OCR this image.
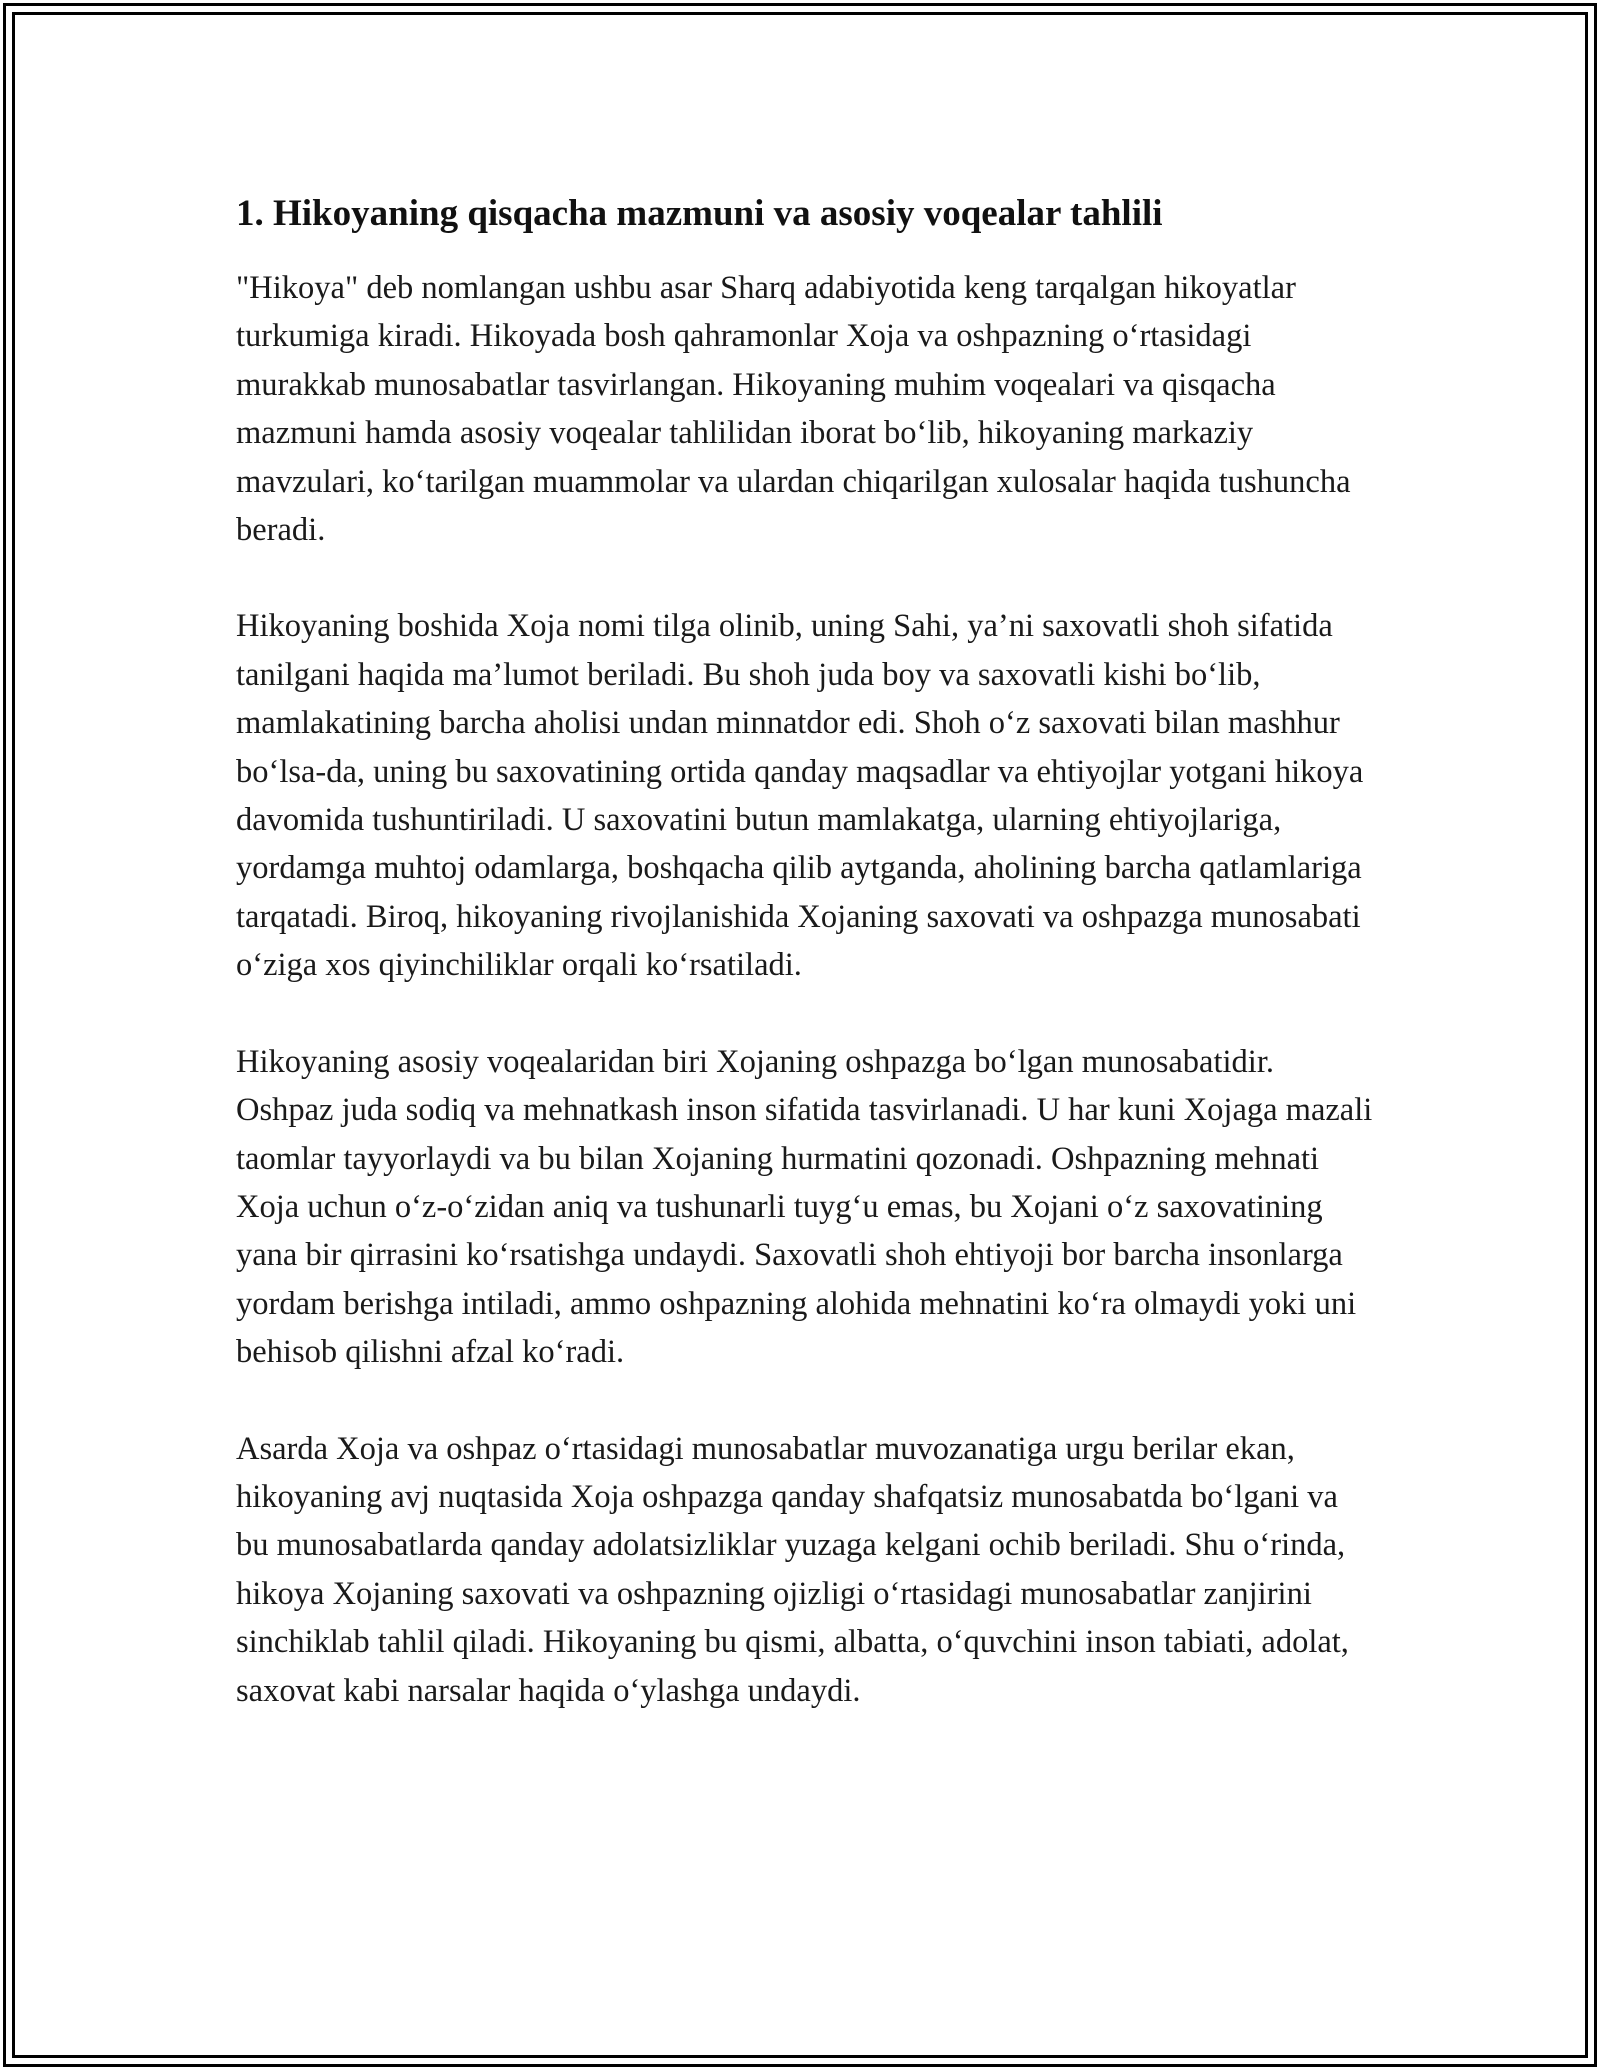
1. Hikoyaning qisqacha mazmuni va asosiy voqealar tahlili

"Hikoya" deb nomlangan ushbu asar Sharq adabiyotida keng tarqalgan hikoyatlar turkumiga kiradi. Hikoyada bosh qahramonlar Xoja va oshpazning o‘rtasidagi murakkab munosabatlar tasvirlangan. Hikoyaning muhim voqealari va qisqacha mazmuni hamda asosiy voqealar tahlilidan iborat bo‘lib, hikoyaning markaziy mavzulari, ko‘tarilgan muammolar va ulardan chiqarilgan xulosalar haqida tushuncha beradi.

Hikoyaning boshida Xoja nomi tilga olinib, uning Sahi, ya’ni saxovatli shoh sifatida tanilgani haqida ma’lumot beriladi. Bu shoh juda boy va saxovatli kishi bo‘lib, mamlakatining barcha aholisi undan minnatdor edi. Shoh o‘z saxovati bilan mashhur bo‘lsa-da, uning bu saxovatining ortida qanday maqsadlar va ehtiyojlar yotgani hikoya davomida tushuntiriladi. U saxovatini butun mamlakatga, ularning ehtiyojlariga, yordamga muhtoj odamlarga, boshqacha qilib aytganda, aholining barcha qatlamlariga tarqatadi. Biroq, hikoyaning rivojlanishida Xojaning saxovati va oshpazga munosabati o‘ziga xos qiyinchiliklar orqali ko‘rsatiladi.

Hikoyaning asosiy voqealaridan biri Xojaning oshpazga bo‘lgan munosabatidir. Oshpaz juda sodiq va mehnatkash inson sifatida tasvirlanadi. U har kuni Xojaga mazali taomlar tayyorlaydi va bu bilan Xojaning hurmatini qozonadi. Oshpazning mehnati Xoja uchun o‘z-o‘zidan aniq va tushunarli tuyg‘u emas, bu Xojani o‘z saxovatining yana bir qirrasini ko‘rsatishga undaydi. Saxovatli shoh ehtiyoji bor barcha insonlarga yordam berishga intiladi, ammo oshpazning alohida mehnatini ko‘ra olmaydi yoki uni behisob qilishni afzal ko‘radi.

Asarda Xoja va oshpaz o‘rtasidagi munosabatlar muvozanatiga urgu berilar ekan, hikoyaning avj nuqtasida Xoja oshpazga qanday shafqatsiz munosabatda bo‘lgani va bu munosabatlarda qanday adolatsizliklar yuzaga kelgani ochib beriladi. Shu o‘rinda, hikoya Xojaning saxovati va oshpazning ojizligi o‘rtasidagi munosabatlar zanjirini sinchiklab tahlil qiladi. Hikoyaning bu qismi, albatta, o‘quvchini inson tabiati, adolat, saxovat kabi narsalar haqida o‘ylashga undaydi.
